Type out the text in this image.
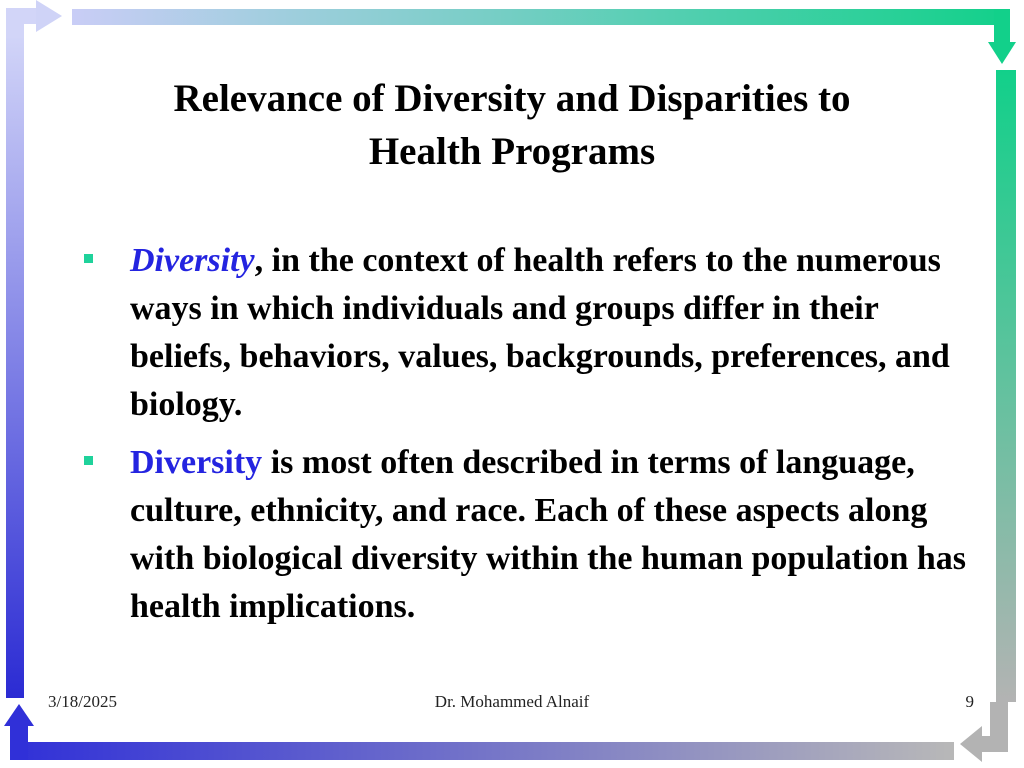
Relevance of Diversity and Disparities to
Health Programs
Diversity, in the context of health refers to the numerous ways in which individuals and groups differ in their beliefs, behaviors, values, backgrounds, preferences, and biology.
Diversity is most often described in terms of language, culture, ethnicity, and race. Each of these aspects along with biological diversity within the human population has health implications.
3/18/2025	Dr. Mohammed Alnaif	9
